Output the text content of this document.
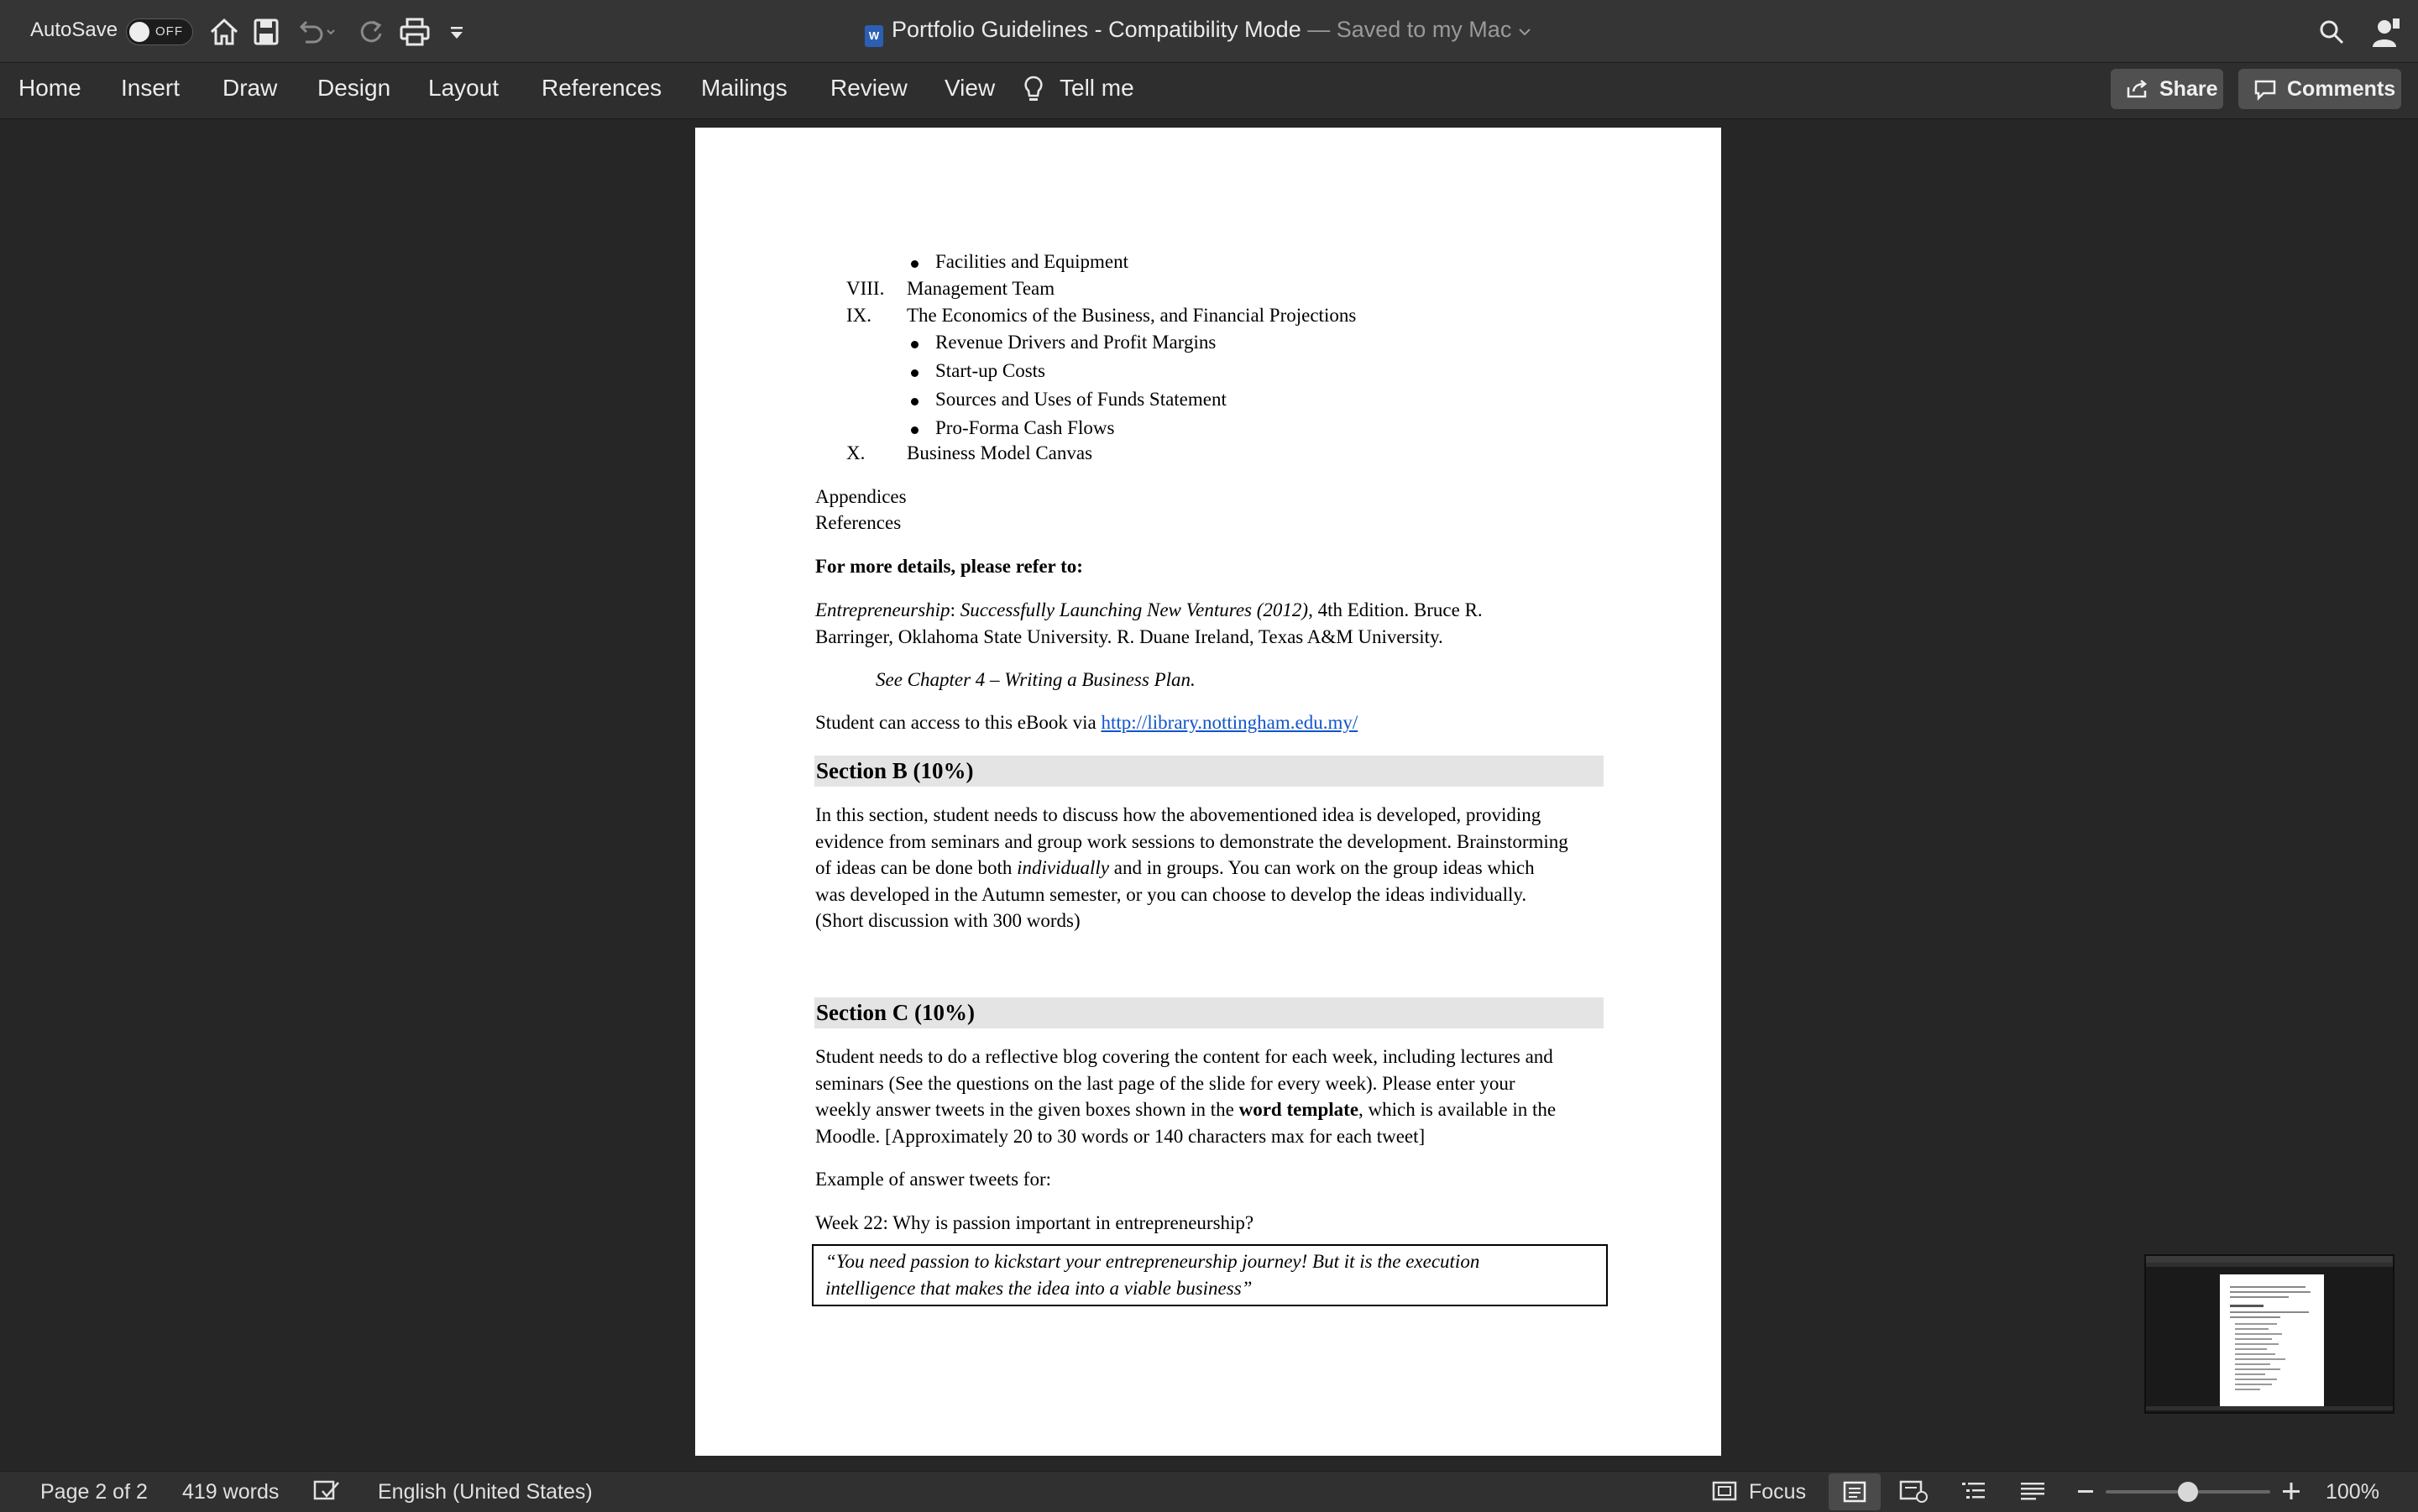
AutoSave	OFF	W Portfolio Guidelines - Compatibility Mode — Saved to my Mac
Home Insert Draw Design Layout References Mailings Review View	Tell me	Share	Comments
Facilities and Equipment
VIII. Management Team
IX. The Economics of the Business, and Financial Projections
Revenue Drivers and Profit Margins
Start-up Costs
Sources and Uses of Funds Statement
Pro-Forma Cash Flows
X. Business Model Canvas
Appendices
References
For more details, please refer to:
Entrepreneurship: Successfully Launching New Ventures (2012), 4th Edition. Bruce R.
Barringer, Oklahoma State University. R. Duane Ireland, Texas A&M University.
See Chapter 4 – Writing a Business Plan.
Student can access to this eBook via http://library.nottingham.edu.my/
Section B (10%)
In this section, student needs to discuss how the abovementioned idea is developed, providing
evidence from seminars and group work sessions to demonstrate the development. Brainstorming
of ideas can be done both individually and in groups. You can work on the group ideas which
was developed in the Autumn semester, or you can choose to develop the ideas individually.
(Short discussion with 300 words)
Section C (10%)
Student needs to do a reflective blog covering the content for each week, including lectures and
seminars (See the questions on the last page of the slide for every week). Please enter your
weekly answer tweets in the given boxes shown in the word template, which is available in the
Moodle. [Approximately 20 to 30 words or 140 characters max for each tweet]
Example of answer tweets for:
Week 22: Why is passion important in entrepreneurship?
“You need passion to kickstart your entrepreneurship journey! But it is the execution
intelligence that makes the idea into a viable business”
Page 2 of 2 419 words	English (United States)	Focus	100%
